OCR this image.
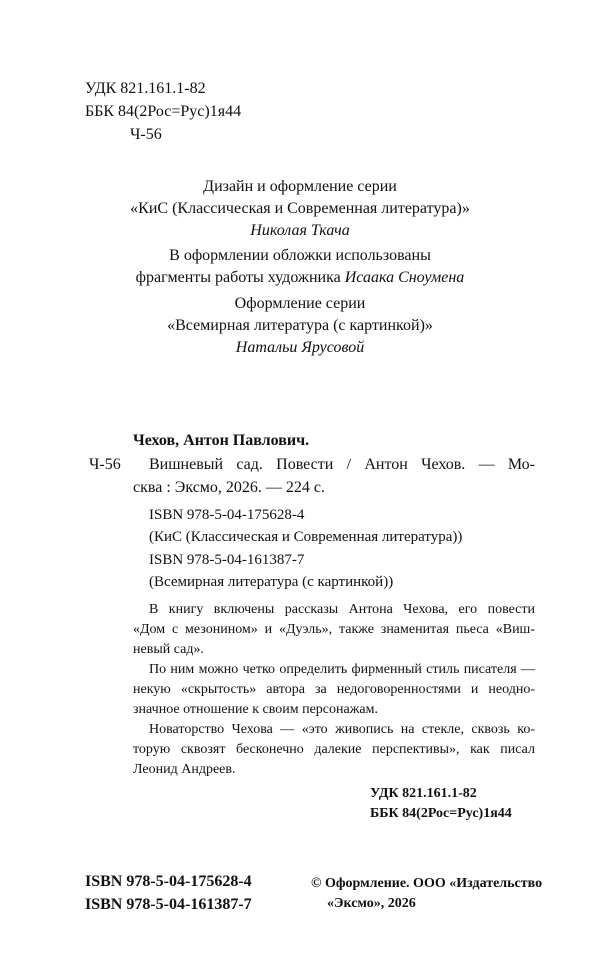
УДК 821.161.1-82
ББК 84(2Рос=Рус)1я44
Ч-56
Дизайн и оформление серии
«КиС (Классическая и Современная литература)»
Николая Ткача
В оформлении обложки использованы
фрагменты работы художника Исаака Сноумена
Оформление серии
«Всемирная литература (с картинкой)»
Натальи Ярусовой
Чехов, Антон Павлович.
Ч-56 Вишневый сад. Повести / Антон Чехов. — Мо-
сква : Эксмо, 2026. — 224 с.
ISBN 978-5-04-175628-4
(КиС (Классическая и Современная литература))
ISBN 978-5-04-161387-7
(Всемирная литература (с картинкой))
В книгу включены рассказы Антона Чехова, его повести
«Дом с мезонином» и «Дуэль», также знаменитая пьеса «Виш-
невый сад».
По ним можно четко определить фирменный стиль писателя —
некую «скрытость» автора за недоговоренностями и неодно-
значное отношение к своим персонажам.
Новаторство Чехова — «это живопись на стекле, сквозь ко-
торую сквозят бесконечно далекие перспективы», как писал
Леонид Андреев.
УДК 821.161.1-82
ББК 84(2Рос=Рус)1я44
ISBN 978-5-04-175628-4
ISBN 978-5-04-161387-7
© Оформление. ООО «Издательство
«Эксмо», 2026
